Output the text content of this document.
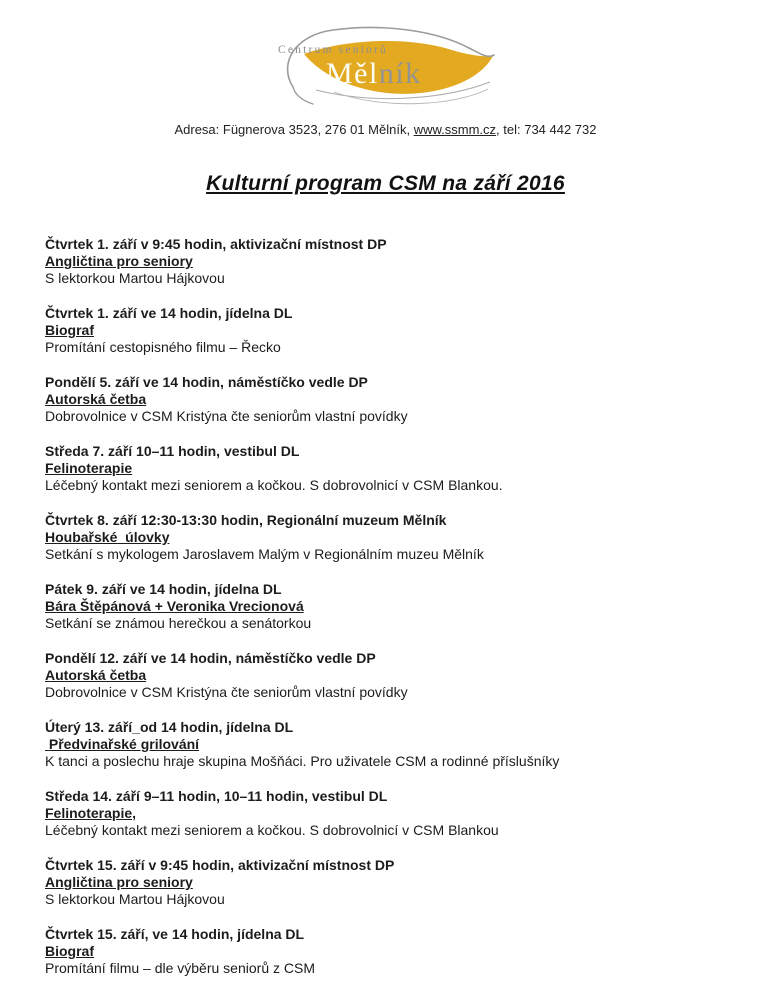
Centrum seniorů
Mělník
Adresa: Fügnerova 3523, 276 01 Mělník, www.ssmm.cz, tel: 734 442 732
Kulturní program CSM na září 2016
Čtvrtek 1. září v 9:45 hodin, aktivizační místnost DP
Angličtina pro seniory
S lektorkou Martou Hájkovou
Čtvrtek 1. září ve 14 hodin, jídelna DL
Biograf
Promítání cestopisného filmu – Řecko
Pondělí 5. září ve 14 hodin, náměstíčko vedle DP
Autorská četba
Dobrovolnice v CSM Kristýna čte seniorům vlastní povídky
Středa 7. září 10–11 hodin, vestibul DL
Felinoterapie
Léčebný kontakt mezi seniorem a kočkou. S dobrovolnicí v CSM Blankou.
Čtvrtek 8. září 12:30-13:30 hodin, Regionální muzeum Mělník
Houbařské  úlovky
Setkání s mykologem Jaroslavem Malým v Regionálním muzeu Mělník
Pátek 9. září ve 14 hodin, jídelna DL
Bára Štěpánová + Veronika Vrecionová
Setkání se známou herečkou a senátorkou
Pondělí 12. září ve 14 hodin, náměstíčko vedle DP
Autorská četba
Dobrovolnice v CSM Kristýna čte seniorům vlastní povídky
Úterý 13. září_od 14 hodin, jídelna DL
Předvinařské grilování
K tanci a poslechu hraje skupina Mošňáci. Pro uživatele CSM a rodinné příslušníky
Středa 14. září 9–11 hodin, 10–11 hodin, vestibul DL
Felinoterapie,
Léčebný kontakt mezi seniorem a kočkou. S dobrovolnicí v CSM Blankou
Čtvrtek 15. září v 9:45 hodin, aktivizační místnost DP
Angličtina pro seniory
S lektorkou Martou Hájkovou
Čtvrtek 15. září, ve 14 hodin, jídelna DL
Biograf
Promítání filmu – dle výběru seniorů z CSM
